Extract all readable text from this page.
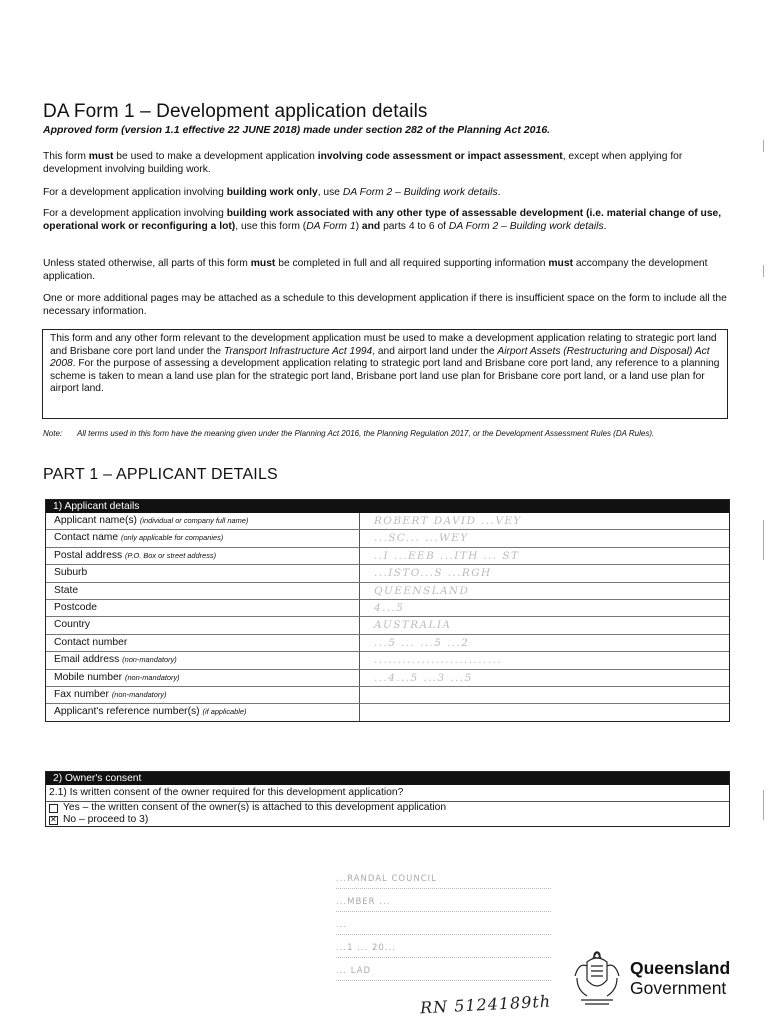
DA Form 1 – Development application details
Approved form (version 1.1 effective 22 JUNE 2018) made under section 282 of the Planning Act 2016.
This form must be used to make a development application involving code assessment or impact assessment, except when applying for development involving building work.
For a development application involving building work only, use DA Form 2 – Building work details.
For a development application involving building work associated with any other type of assessable development (i.e. material change of use, operational work or reconfiguring a lot), use this form (DA Form 1) and parts 4 to 6 of DA Form 2 – Building work details.
Unless stated otherwise, all parts of this form must be completed in full and all required supporting information must accompany the development application.
One or more additional pages may be attached as a schedule to this development application if there is insufficient space on the form to include all the necessary information.
This form and any other form relevant to the development application must be used to make a development application relating to strategic port land and Brisbane core port land under the Transport Infrastructure Act 1994, and airport land under the Airport Assets (Restructuring and Disposal) Act 2008. For the purpose of assessing a development application relating to strategic port land and Brisbane core port land, any reference to a planning scheme is taken to mean a land use plan for the strategic port land, Brisbane port land use plan for Brisbane core port land, or a land use plan for airport land.
Note: All terms used in this form have the meaning given under the Planning Act 2016, the Planning Regulation 2017, or the Development Assessment Rules (DA Rules).
PART 1 – APPLICANT DETAILS
1) Applicant details
Applicant name(s) (individual or company full name)	ROBERT DAVID ...VEY
Contact name (only applicable for companies)	...SC... ...WEY
Postal address (P.O. Box or street address)	..I ...EEB ...ITH ... ST
Suburb	...ISTO...S ...RGH
State	QUEENSLAND
Postcode	4...5
Country	AUSTRALIA
Contact number	...5 ... ...5 ...2
Email address (non-mandatory)	...........................
Mobile number (non-mandatory)	...4...5 ...3 ...5
Fax number (non-mandatory)
Applicant's reference number(s) (if applicable)
2) Owner's consent
2.1) Is written consent of the owner required for this development application?
Yes – the written consent of the owner(s) is attached to this development application
✕
No – proceed to 3)
...RANDAL COUNCIL
...MBER ...
...
...1 ... 20...
... LAD
RN 5124189th
Queensland
Government
